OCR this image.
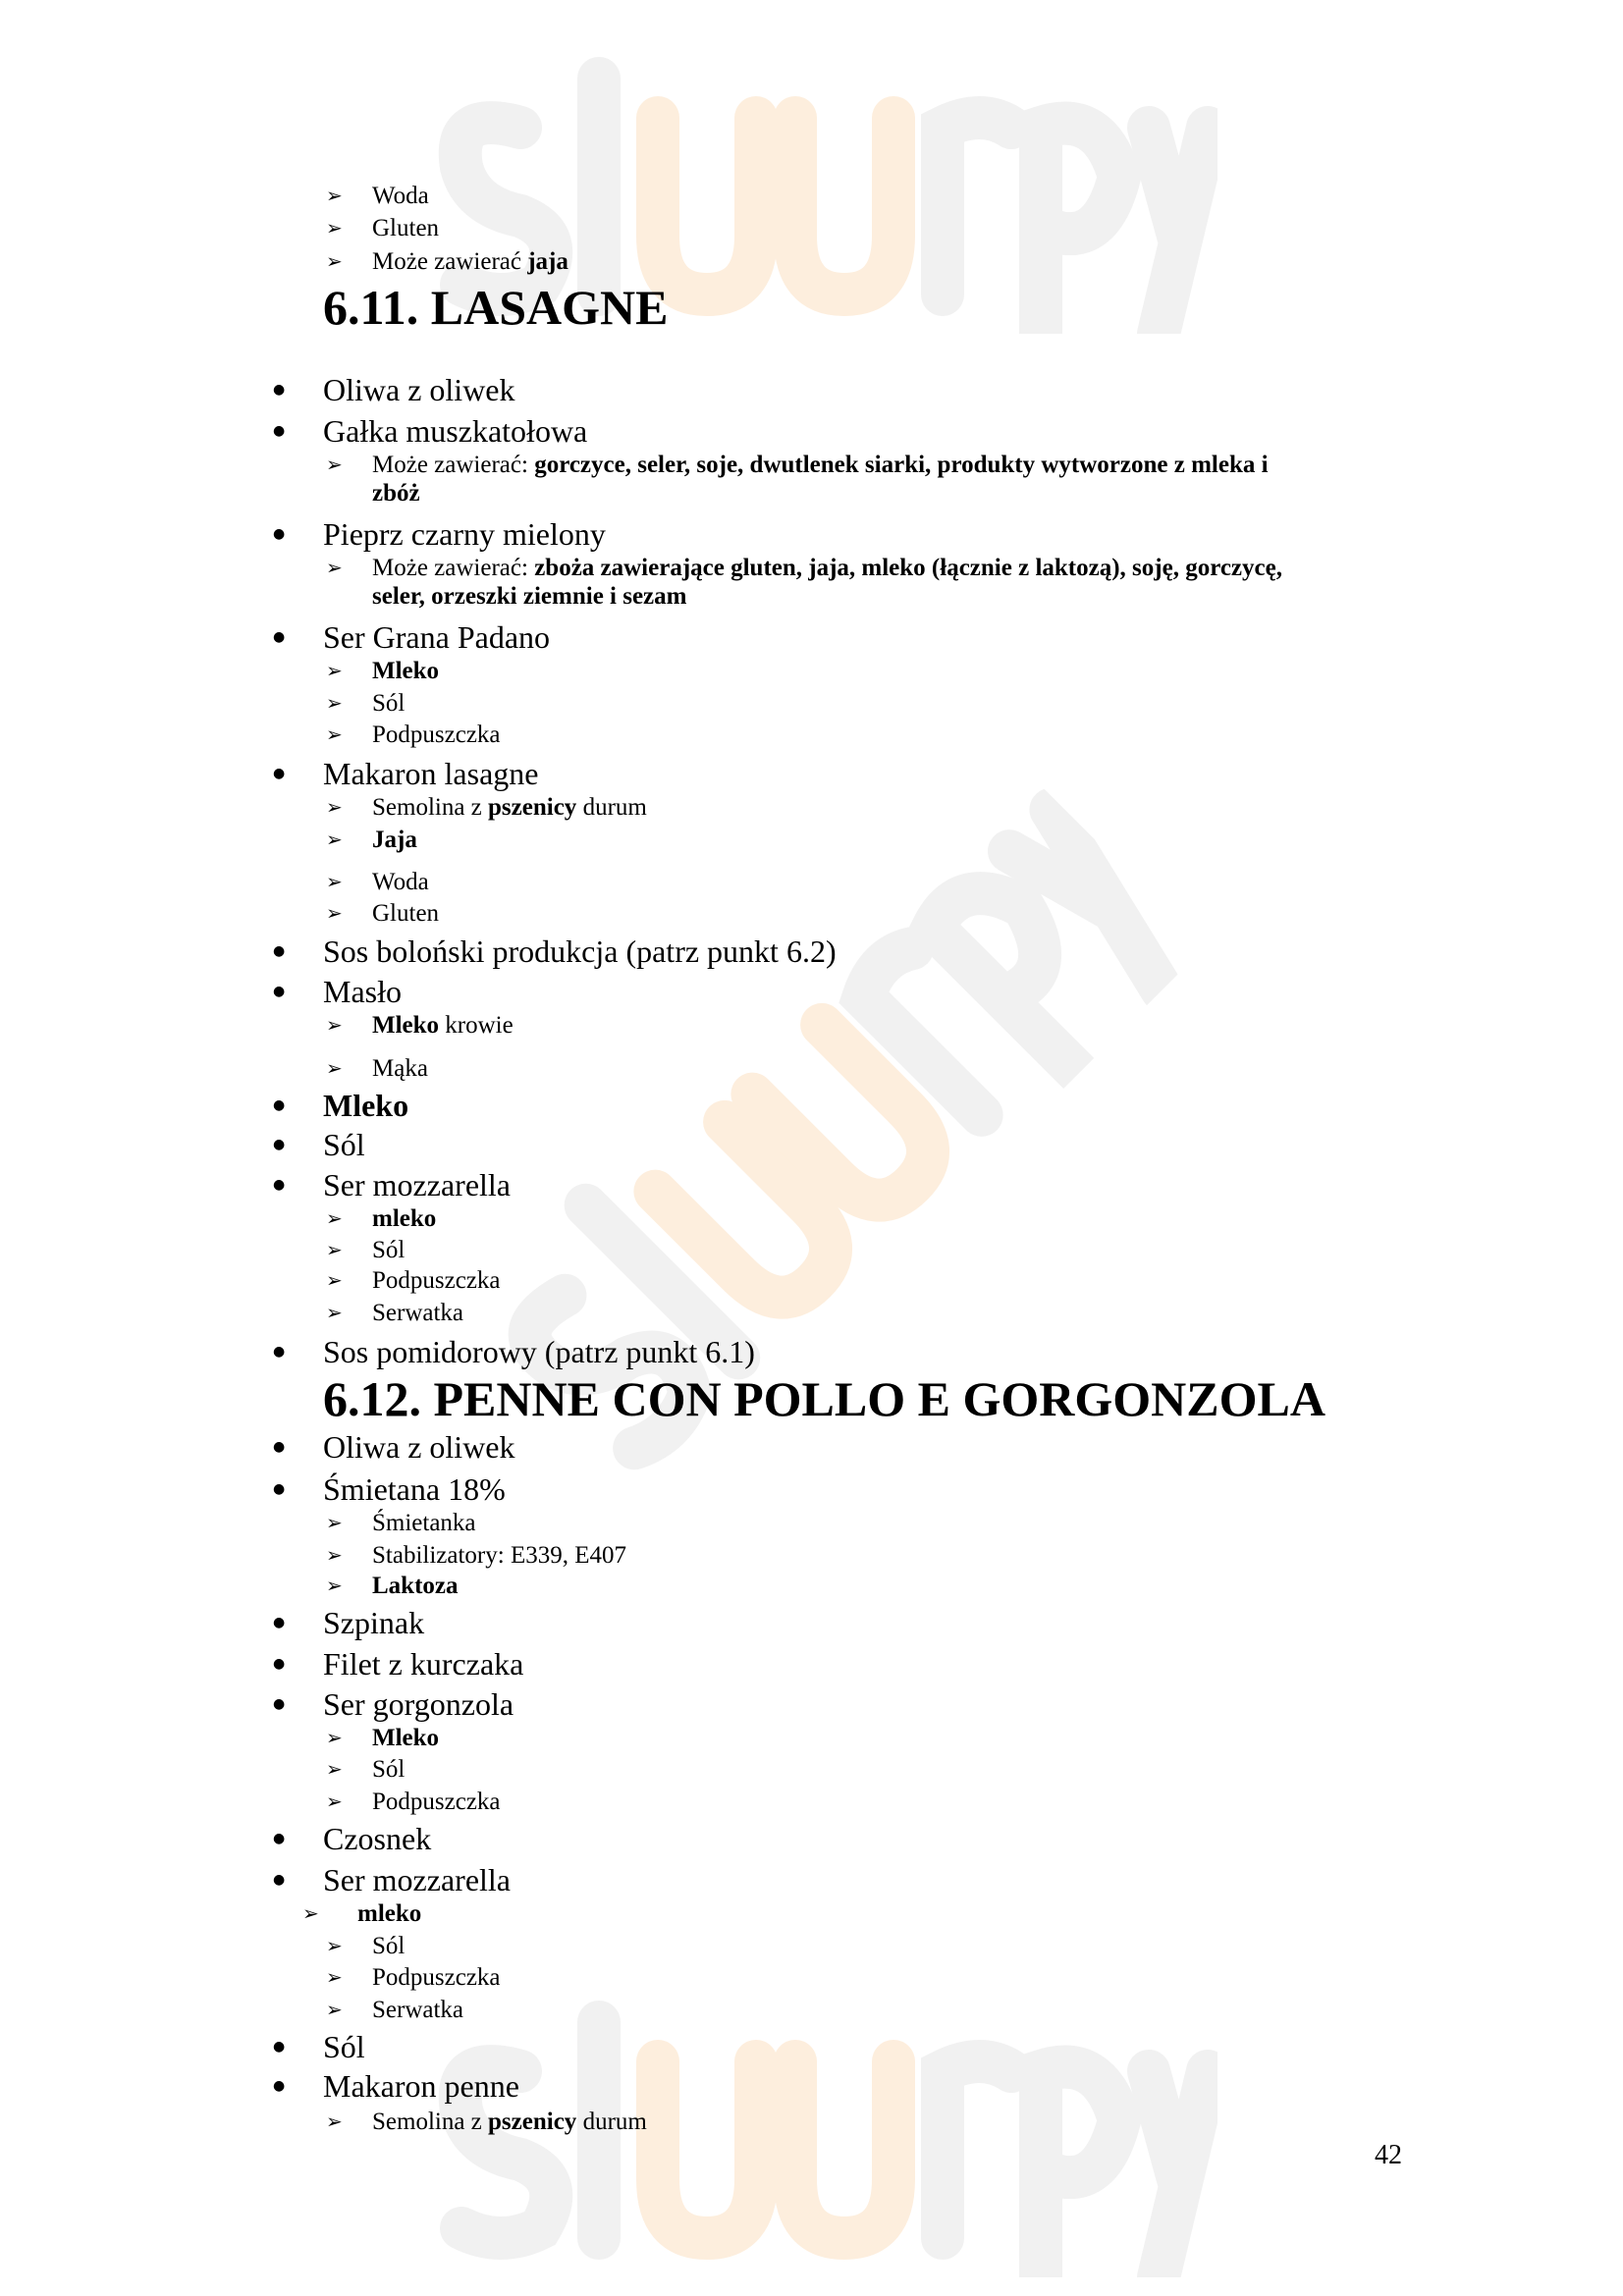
Woda
➢
Gluten
➢
Może zawierać jaja
➢
6.11. LASAGNE
Oliwa z oliwek
●
Gałka muszkatołowa
●
Może zawierać: gorczyce, seler, soje, dwutlenek siarki, produkty wytworzone z mleka i zbóż
➢
Pieprz czarny mielony
●
Może zawierać: zboża zawierające gluten, jaja, mleko (łącznie z laktozą), soję, gorczycę, seler, orzeszki ziemnie i sezam
➢
Ser Grana Padano
●
Mleko
➢
Sól
➢
Podpuszczka
➢
Makaron lasagne
●
Semolina z pszenicy durum
➢
Jaja
➢
Woda
➢
Gluten
➢
Sos boloński produkcja (patrz punkt 6.2)
●
Masło
●
Mleko krowie
➢
Mąka
➢
Mleko
●
Sól
●
Ser mozzarella
●
mleko
➢
Sól
➢
Podpuszczka
➢
Serwatka
➢
Sos pomidorowy (patrz punkt 6.1)
●
6.12. PENNE CON POLLO E GORGONZOLA
Oliwa z oliwek
●
Śmietana 18%
●
Śmietanka
➢
Stabilizatory: E339, E407
➢
Laktoza
➢
Szpinak
●
Filet z kurczaka
●
Ser gorgonzola
●
Mleko
➢
Sól
➢
Podpuszczka
➢
Czosnek
●
Ser mozzarella
●
mleko
➢
Sól
➢
Podpuszczka
➢
Serwatka
➢
Sól
●
Makaron penne
●
Semolina z pszenicy durum
➢
42
